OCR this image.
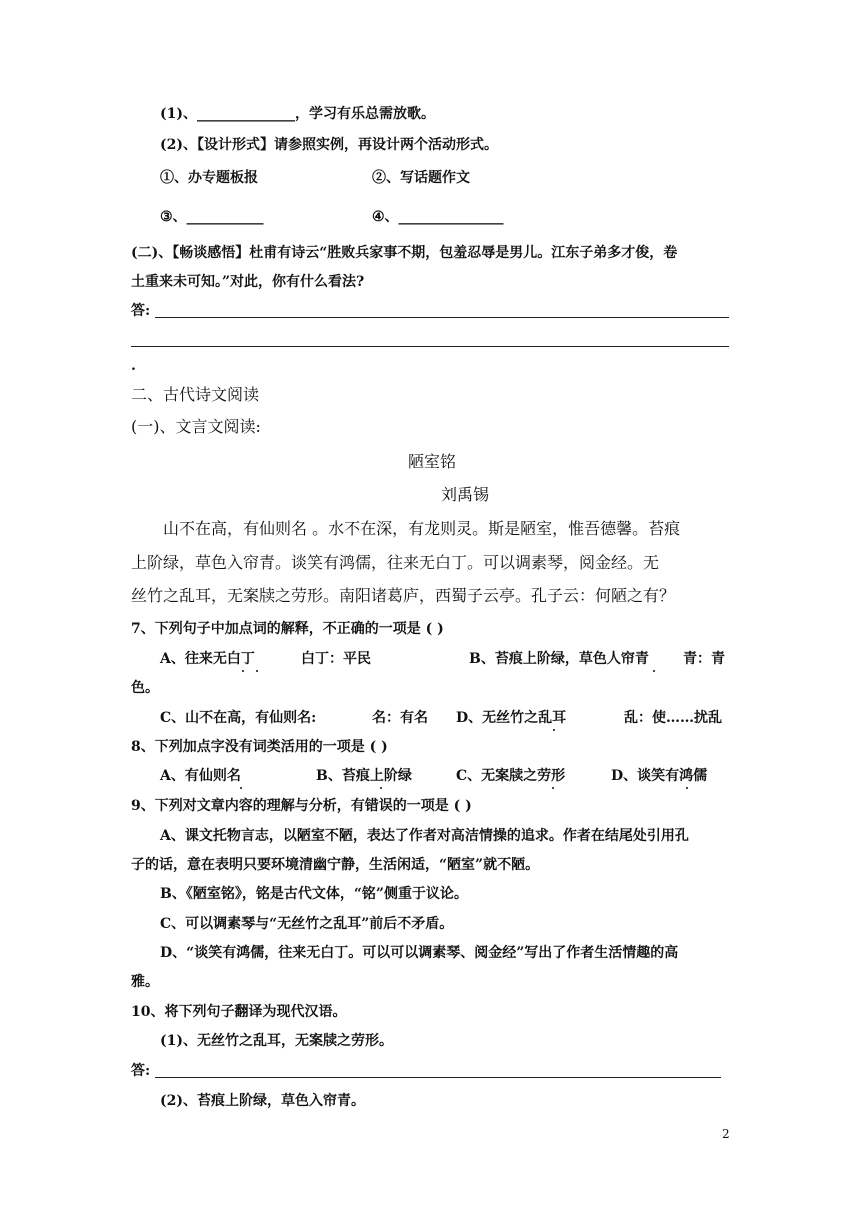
(1)、______________，学习有乐总需放歌。
(2)、【设计形式】请参照实例，再设计两个活动形式。
①、办专题板报	②、写话题作文
③、___________	④、_______________
(二)、【畅谈感悟】杜甫有诗云“胜败兵家事不期，包羞忍辱是男儿。江东子弟多才俊，卷
土重来未可知。”对此，你有什么看法?
答:
.
二、古代诗文阅读
(一)、文言文阅读:
陋室铭
刘禹锡
山不在高，有仙则名 。水不在深，有龙则灵。斯是陋室，惟吾德馨。苔痕
上阶绿，草色入帘青。谈笑有鸿儒，往来无白丁。可以调素琴，阅金经。无
丝竹之乱耳，无案牍之劳形。南阳诸葛庐，西蜀子云亭。孔子云：何陋之有？
7、下列句子中加点词的解释，不正确的一项是 ( )
A、往来无白丁	白丁：平民	B、苔痕上阶绿，草色人帘青 青：青
色。
C、山不在高，有仙则名:	名：有名 D、无丝竹之乱耳	乱：使……扰乱
8、下列加点字没有词类活用的一项是 ( )
A、有仙则名	B、苔痕上阶绿	C、无案牍之劳形	D、谈笑有鸿儒
9、下列对文章内容的理解与分析，有错误的一项是 ( )
A、课文托物言志，以陋室不陋，表达了作者对高洁情操的追求。作者在结尾处引用孔
子的话，意在表明只要环境清幽宁静，生活闲适，“陋室”就不陋。
B、《陋室铭》，铭是古代文体，“铭”侧重于议论。
C、可以调素琴与“无丝竹之乱耳”前后不矛盾。
D、“谈笑有鸿儒，往来无白丁。可以可以调素琴、阅金经”写出了作者生活情趣的高
雅。
10、将下列句子翻译为现代汉语。
(1)、无丝竹之乱耳，无案牍之劳形。
答:
(2)、苔痕上阶绿，草色入帘青。
2
